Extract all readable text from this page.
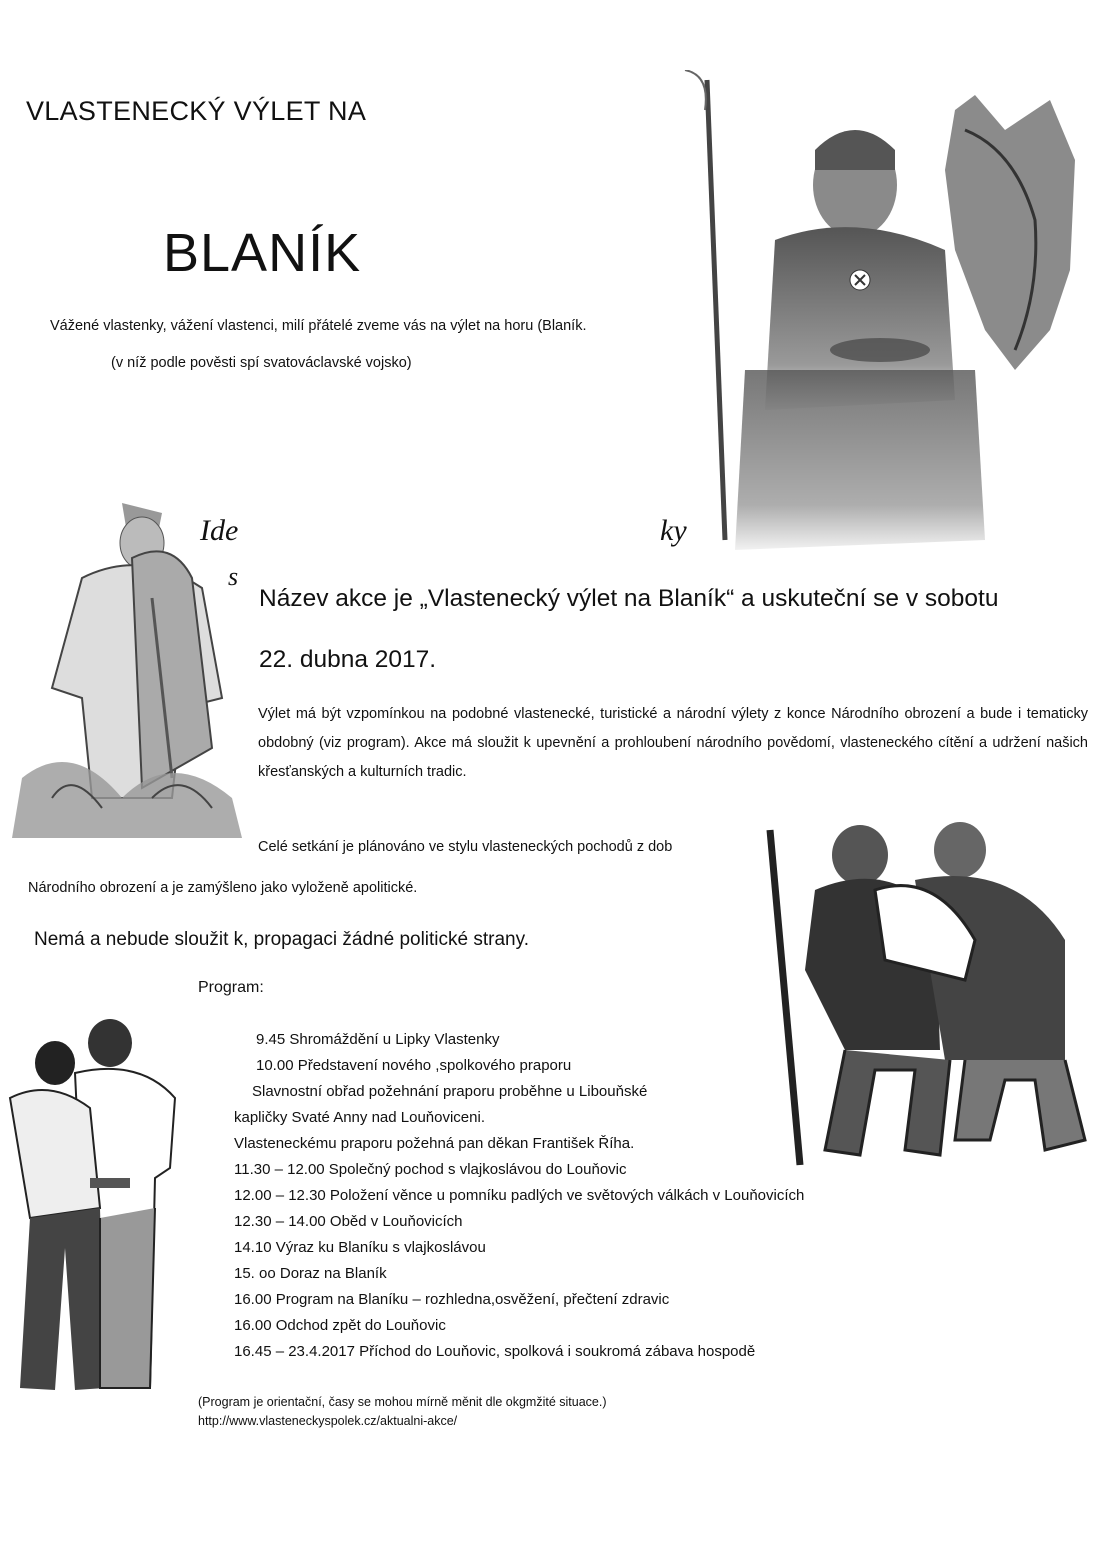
VLASTENECKÝ VÝLET NA
BLANÍK
Vážené vlastenky, vážení vlastenci, milí přátelé zveme vás na výlet na horu (Blaník.
(v níž podle pověsti spí svatováclavské vojsko)
Ide	ky
s
Název akce je „Vlastenecký výlet na Blaník“ a uskuteční se v sobotu
22. dubna 2017.
Výlet má být vzpomínkou na podobné vlastenecké, turistické a národní výlety z konce Národního obrození a bude i tematicky obdobný (viz program). Akce má sloužit k upevnění a prohloubení národního povědomí, vlasteneckého cítění a udržení našich křesťanských a kulturních tradic.
Celé setkání je plánováno ve stylu vlasteneckých pochodů z dob
Národního obrození a je zamýšleno jako vyloženě apolitické.
Nemá a nebude sloužit k, propagaci žádné politické strany.
Program:
9.45 Shromáždění u Lipky Vlastenky
10.00 Představení nového ,spolkového praporu
Slavnostní obřad požehnání praporu proběhne u Libouňské
kapličky Svaté Anny nad Louňoviceni.
Vlasteneckému praporu požehná pan děkan František Říha.
11.30 – 12.00 Společný pochod s vlajkoslávou do Louňovic
12.00 – 12.30 Položení věnce u pomníku padlých ve světových válkách v Louňovicích
12.30 – 14.00 Oběd v Louňovicích
14.10 Výraz ku Blaníku s vlajkoslávou
15. oo Doraz na Blaník
16.00 Program na Blaníku – rozhledna,osvěžení, přečtení zdravic
16.00 Odchod zpět do Louňovic
16.45 – 23.4.2017 Příchod do Louňovic, spolková i soukromá zábava hospodě
(Program je orientační, časy se mohou mírně měnit dle okgmžité situace.)
http://www.vlasteneckyspolek.cz/aktualni-akce/
